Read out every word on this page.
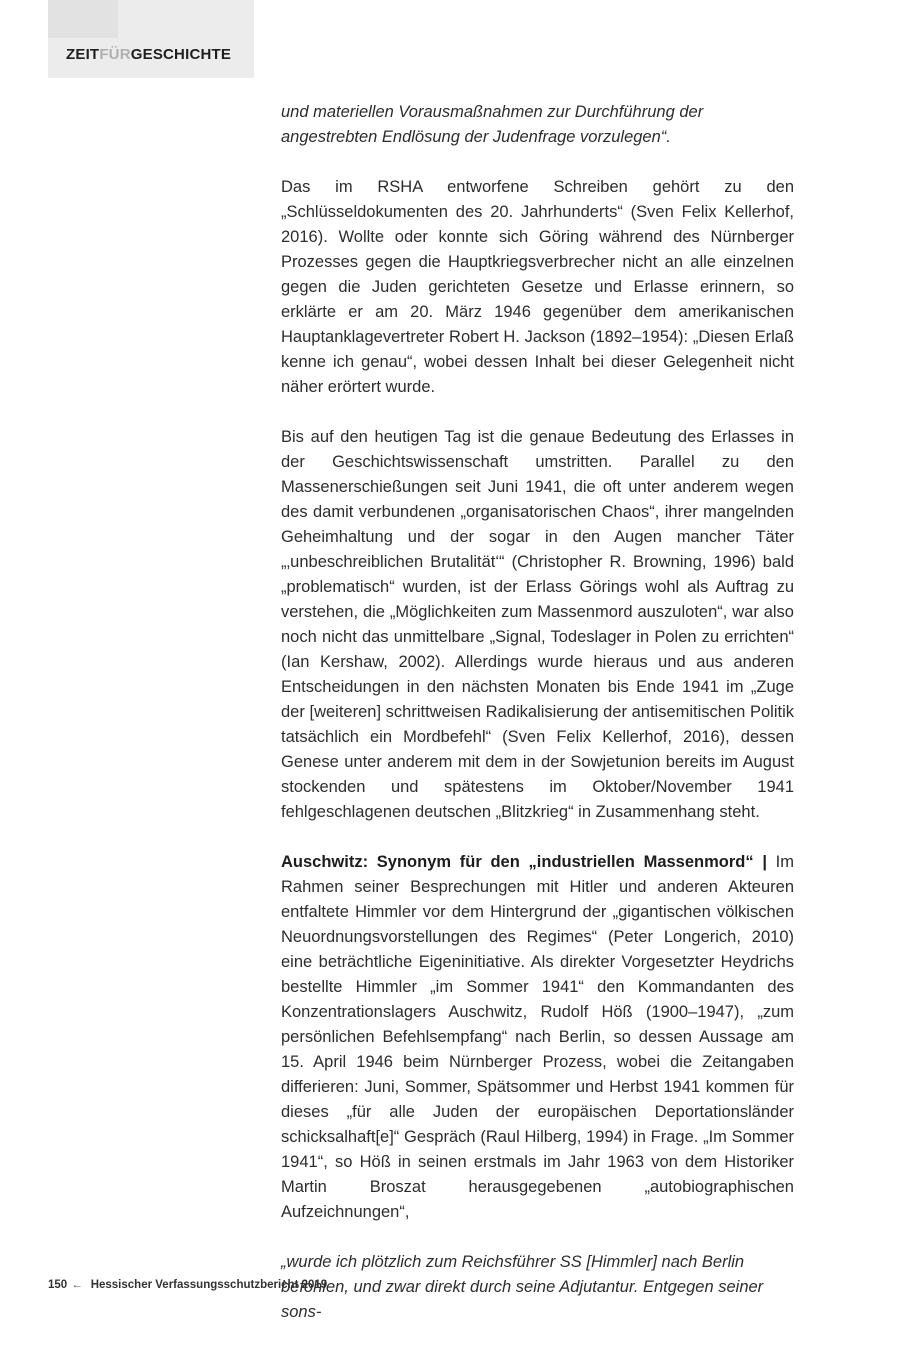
ZEITFÜRGESCHICHTE

und materiellen Vorausmaßnahmen zur Durchführung der angestrebten Endlösung der Judenfrage vorzulegen“.

Das im RSHA entworfene Schreiben gehört zu den „Schlüsseldokumenten des 20. Jahrhunderts“ (Sven Felix Kellerhof, 2016). Wollte oder konnte sich Göring während des Nürnberger Prozesses gegen die Hauptkriegsverbrecher nicht an alle einzelnen gegen die Juden gerichteten Gesetze und Erlasse erinnern, so erklärte er am 20. März 1946 gegenüber dem amerikanischen Hauptanklagevertreter Robert H. Jackson (1892–1954): „Diesen Erlaß kenne ich genau“, wobei dessen Inhalt bei dieser Gelegenheit nicht näher erörtert wurde.

Bis auf den heutigen Tag ist die genaue Bedeutung des Erlasses in der Geschichtswissenschaft umstritten. Parallel zu den Massenerschießungen seit Juni 1941, die oft unter anderem wegen des damit verbundenen „organisatorischen Chaos“, ihrer mangelnden Geheimhaltung und der sogar in den Augen mancher Täter „‚unbeschreiblichen Brutalität‘“ (Christopher R. Browning, 1996) bald „problematisch“ wurden, ist der Erlass Görings wohl als Auftrag zu verstehen, die „Möglichkeiten zum Massenmord auszuloten“, war also noch nicht das unmittelbare „Signal, Todeslager in Polen zu errichten“ (Ian Kershaw, 2002). Allerdings wurde hieraus und aus anderen Entscheidungen in den nächsten Monaten bis Ende 1941 im „Zuge der [weiteren] schrittweisen Radikalisierung der antisemitischen Politik tatsächlich ein Mordbefehl“ (Sven Felix Kellerhof, 2016), dessen Genese unter anderem mit dem in der Sowjetunion bereits im August stockenden und spätestens im Oktober/November 1941 fehlgeschlagenen deutschen „Blitzkrieg“ in Zusammenhang steht.

Auschwitz: Synonym für den „industriellen Massenmord“ | Im Rahmen seiner Besprechungen mit Hitler und anderen Akteuren entfaltete Himmler vor dem Hintergrund der „gigantischen völkischen Neuordnungsvorstellungen des Regimes“ (Peter Longerich, 2010) eine beträchtliche Eigeninitiative. Als direkter Vorgesetzter Heydrichs bestellte Himmler „im Sommer 1941“ den Kommandanten des Konzentrationslagers Auschwitz, Rudolf Höß (1900–1947), „zum persönlichen Befehlsempfang“ nach Berlin, so dessen Aussage am 15. April 1946 beim Nürnberger Prozess, wobei die Zeitangaben differieren: Juni, Sommer, Spätsommer und Herbst 1941 kommen für dieses „für alle Juden der europäischen Deportationsländer schicksalhaft[e]“ Gespräch (Raul Hilberg, 1994) in Frage. „Im Sommer 1941“, so Höß in seinen erstmals im Jahr 1963 von dem Historiker Martin Broszat herausgegebenen „autobiographischen Aufzeichnungen“,

„wurde ich plötzlich zum Reichsführer SS [Himmler] nach Berlin befohlen, und zwar direkt durch seine Adjutantur. Entgegen seiner sons-

150 ← Hessischer Verfassungsschutzbericht 2019
